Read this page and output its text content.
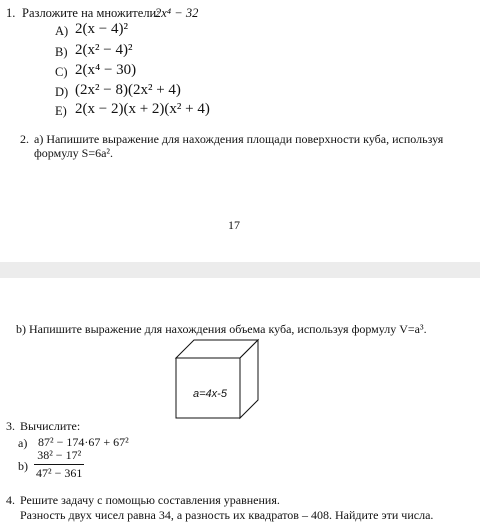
1. Разложите на множители:
2x⁴ − 32
A) 2(x − 4)²
B) 2(x² − 4)²
C) 2(x⁴ − 30)
D) (2x² − 8)(2x² + 4)
E) 2(x − 2)(x + 2)(x² + 4)
2. а) Напишите выражение для нахождения площади поверхности куба, используя
формулу S=6a².
17
b) Напишите выражение для нахождения объема куба, используя формулу V=a³.
a=4x-5
3. Вычислите:
a) 87² − 174·67 + 67²
$b) \frac{\text{38² − 17²}}{\text{47² − 361}}$
4. Решите задачу с помощью составления уравнения.
Разность двух чисел равна 34, а разность их квадратов – 408. Найдите эти числа.
